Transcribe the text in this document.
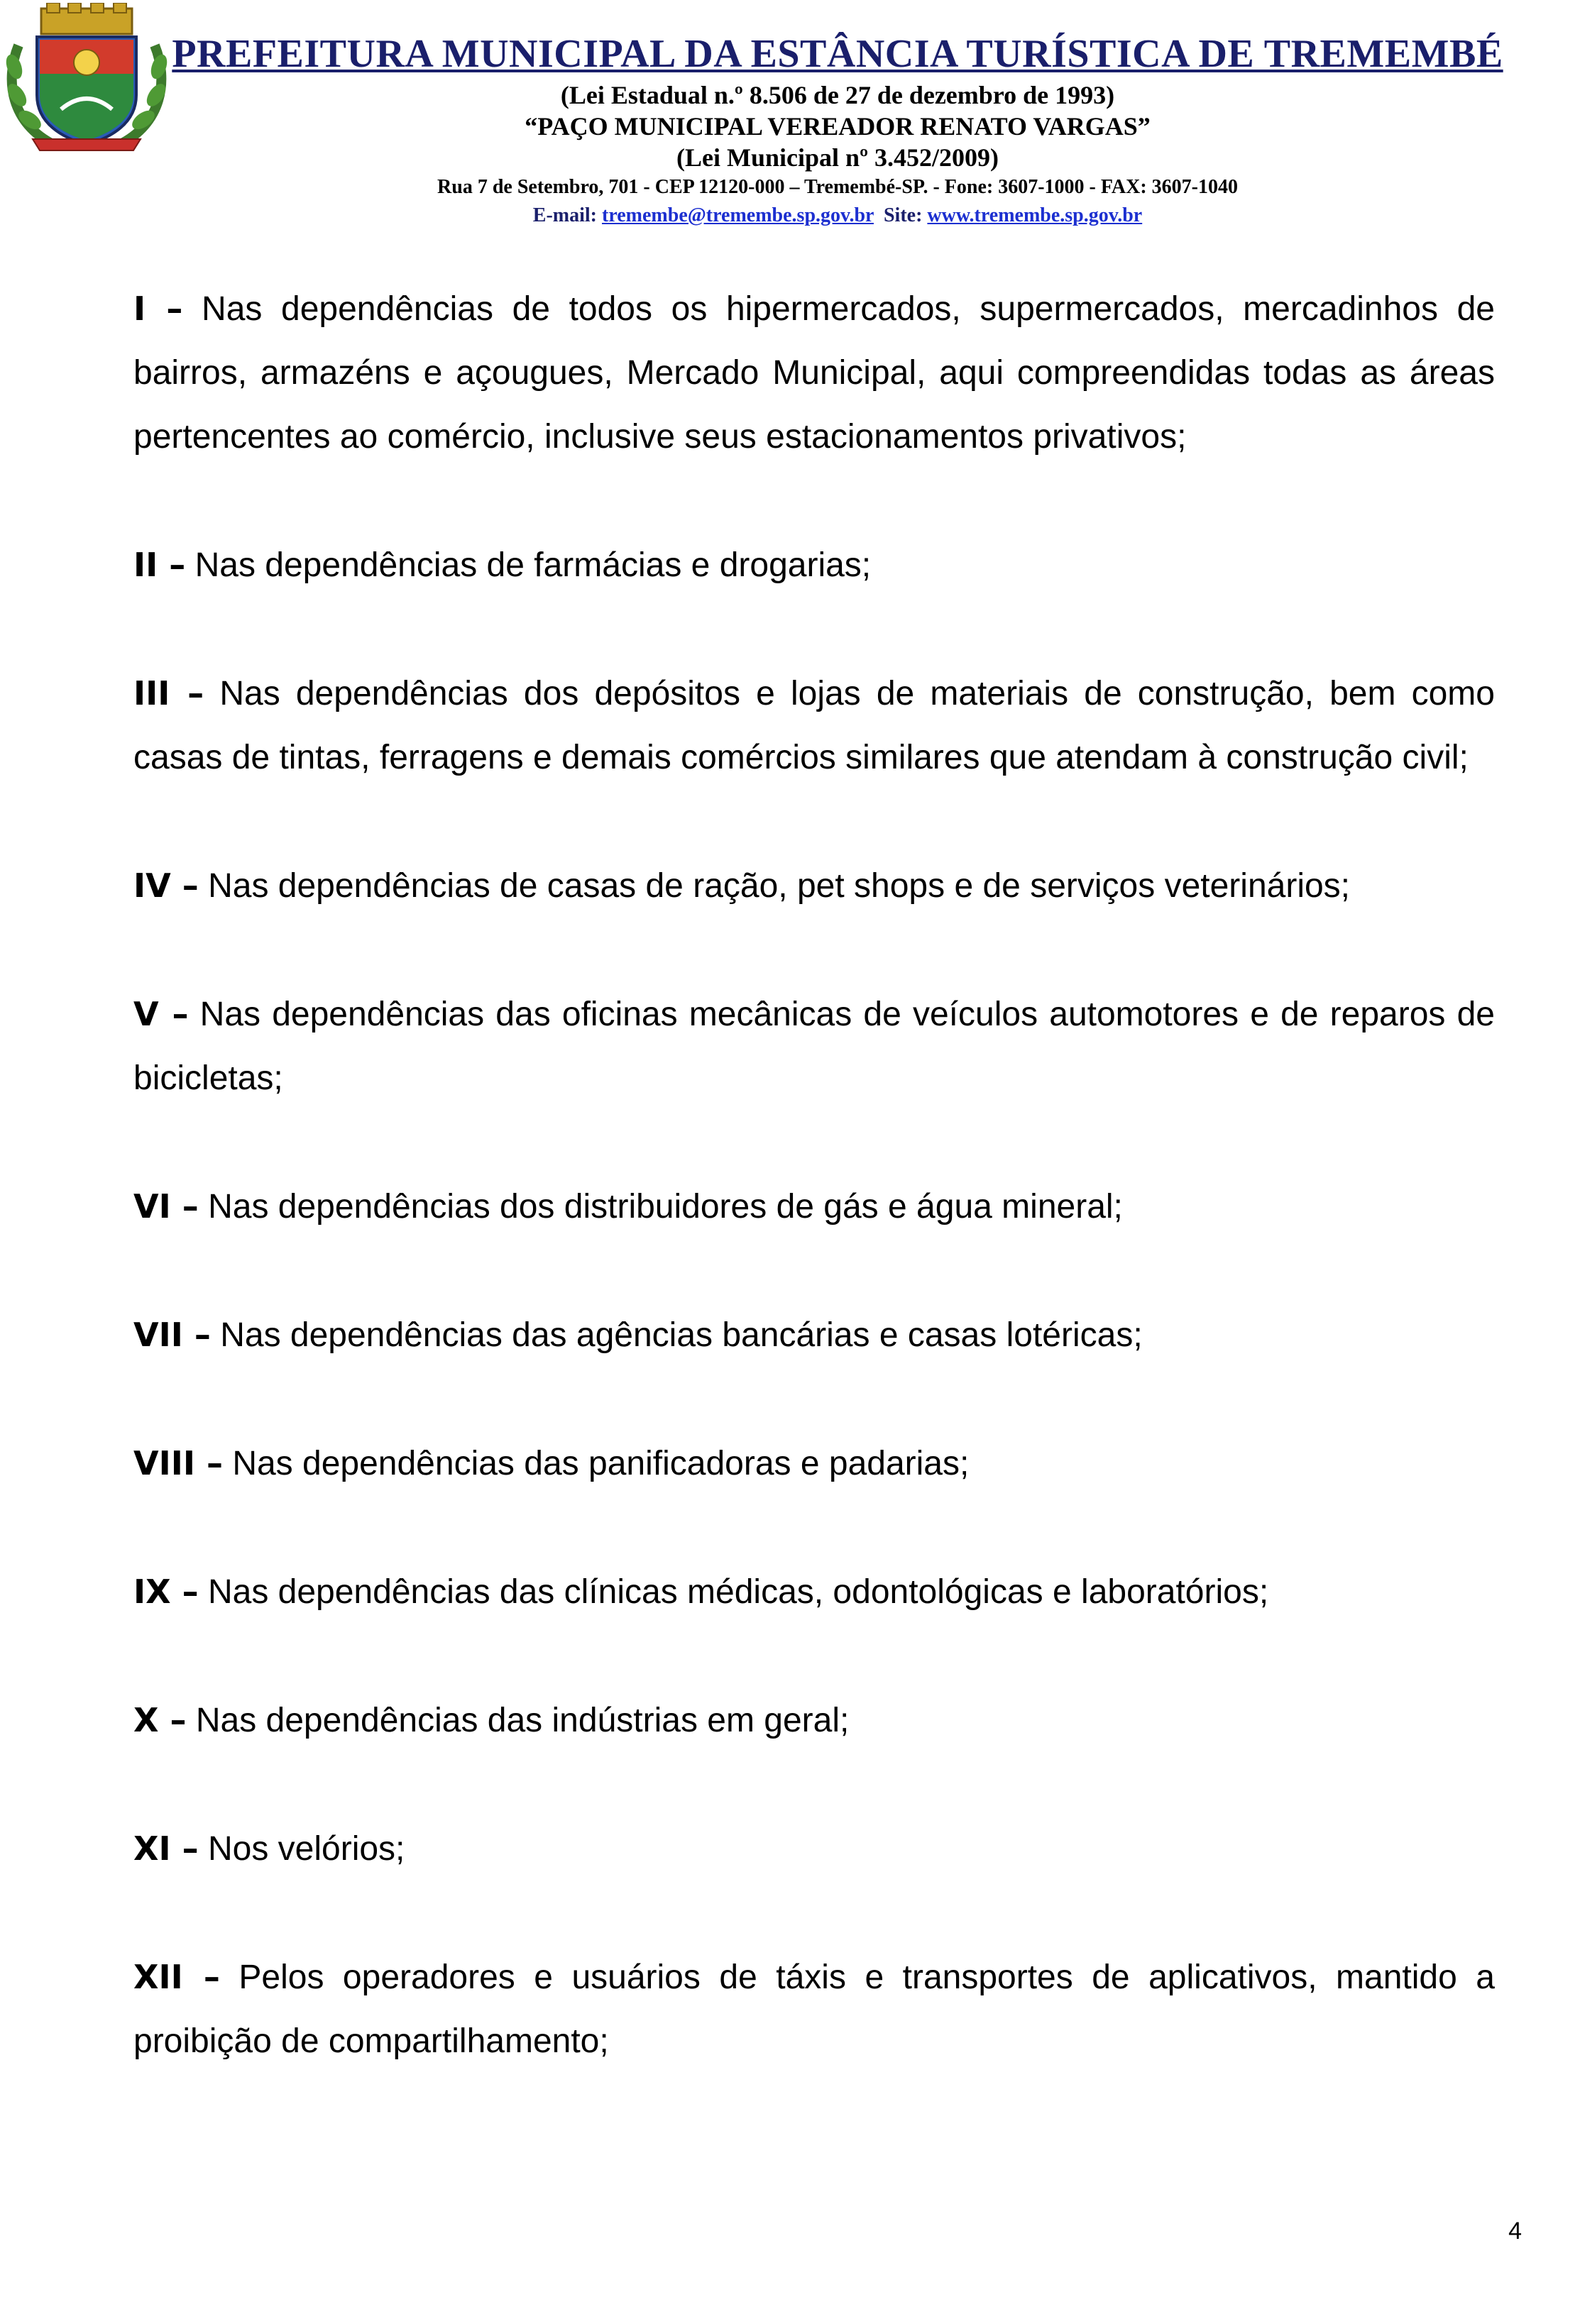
PREFEITURA MUNICIPAL DA ESTÂNCIA TURÍSTICA DE TREMEMBÉ
(Lei Estadual n.º 8.506 de 27 de dezembro de 1993)
“PAÇO MUNICIPAL VEREADOR RENATO VARGAS”
(Lei Municipal nº 3.452/2009)
Rua 7 de Setembro, 701 - CEP 12120-000 – Tremembé-SP. - Fone: 3607-1000 - FAX: 3607-1040
E-mail: tremembe@tremembe.sp.gov.br Site: www.tremembe.sp.gov.br

I – Nas dependências de todos os hipermercados, supermercados, mercadinhos de bairros, armazéns e açougues, Mercado Municipal, aqui compreendidas todas as áreas pertencentes ao comércio, inclusive seus estacionamentos privativos;

II – Nas dependências de farmácias e drogarias;

III – Nas dependências dos depósitos e lojas de materiais de construção, bem como casas de tintas, ferragens e demais comércios similares que atendam à construção civil;

IV – Nas dependências de casas de ração, pet shops e de serviços veterinários;

V – Nas dependências das oficinas mecânicas de veículos automotores e de reparos de bicicletas;

VI – Nas dependências dos distribuidores de gás e água mineral;

VII – Nas dependências das agências bancárias e casas lotéricas;

VIII – Nas dependências das panificadoras e padarias;

IX – Nas dependências das clínicas médicas, odontológicas e laboratórios;

X – Nas dependências das indústrias em geral;

XI – Nos velórios;

XII – Pelos operadores e usuários de táxis e transportes de aplicativos, mantido a proibição de compartilhamento;

4
